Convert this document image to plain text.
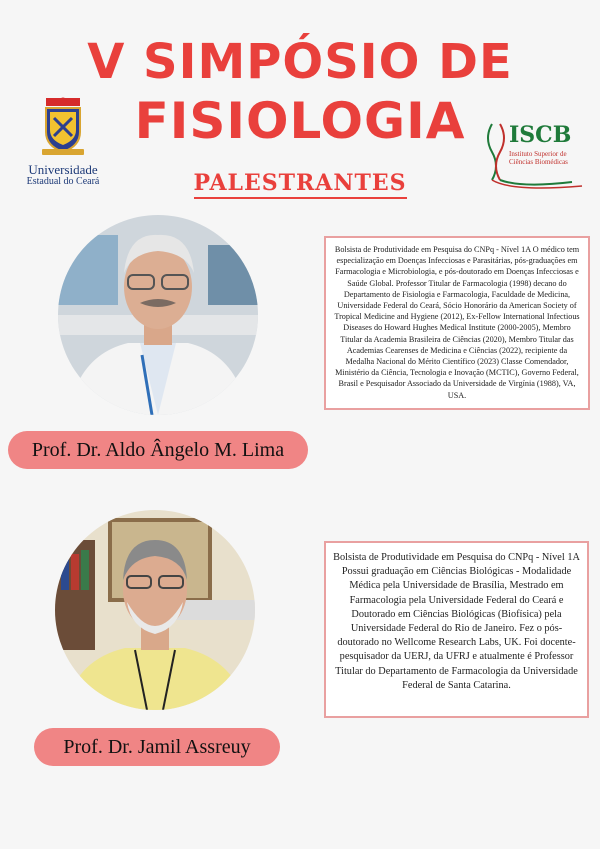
V SIMPÓSIO DE
FISIOLOGIA
PALESTRANTES
Universidade
Estadual do Ceará
ISCB
Instituto Superior de Ciências Biomédicas
Prof. Dr. Aldo Ângelo M. Lima
Bolsista de Produtividade em Pesquisa do CNPq - Nível 1A O médico tem especialização em Doenças Infecciosas e Parasitárias, pós-graduações em Farmacologia e Microbiologia, e pós-doutorado em Doenças Infecciosas e Saúde Global. Professor Titular de Farmacologia (1998) decano do Departamento de Fisiologia e Farmacologia, Faculdade de Medicina, Universidade Federal do Ceará, Sócio Honorário da American Society of Tropical Medicine and Hygiene (2012), Ex-Fellow International Infectious Diseases do Howard Hughes Medical Institute (2000-2005), Membro Titular da Academia Brasileira de Ciências (2020), Membro Titular das Academias Cearenses de Medicina e Ciências (2022), recipiente da Medalha Nacional do Mérito Científico (2023) Classe Comendador, Ministério da Ciência, Tecnologia e Inovação (MCTIC), Governo Federal, Brasil e Pesquisador Associado da Universidade de Virgínia (1988), VA, USA.
Prof. Dr. Jamil Assreuy
Bolsista de Produtividade em Pesquisa do CNPq - Nível 1A Possui graduação em Ciências Biológicas - Modalidade Médica pela Universidade de Brasília, Mestrado em Farmacologia pela Universidade Federal do Ceará e Doutorado em Ciências Biológicas (Biofísica) pela Universidade Federal do Rio de Janeiro. Fez o pós-doutorado no Wellcome Research Labs, UK. Foi docente-pesquisador da UERJ, da UFRJ e atualmente é Professor Titular do Departamento de Farmacologia da Universidade Federal de Santa Catarina.
